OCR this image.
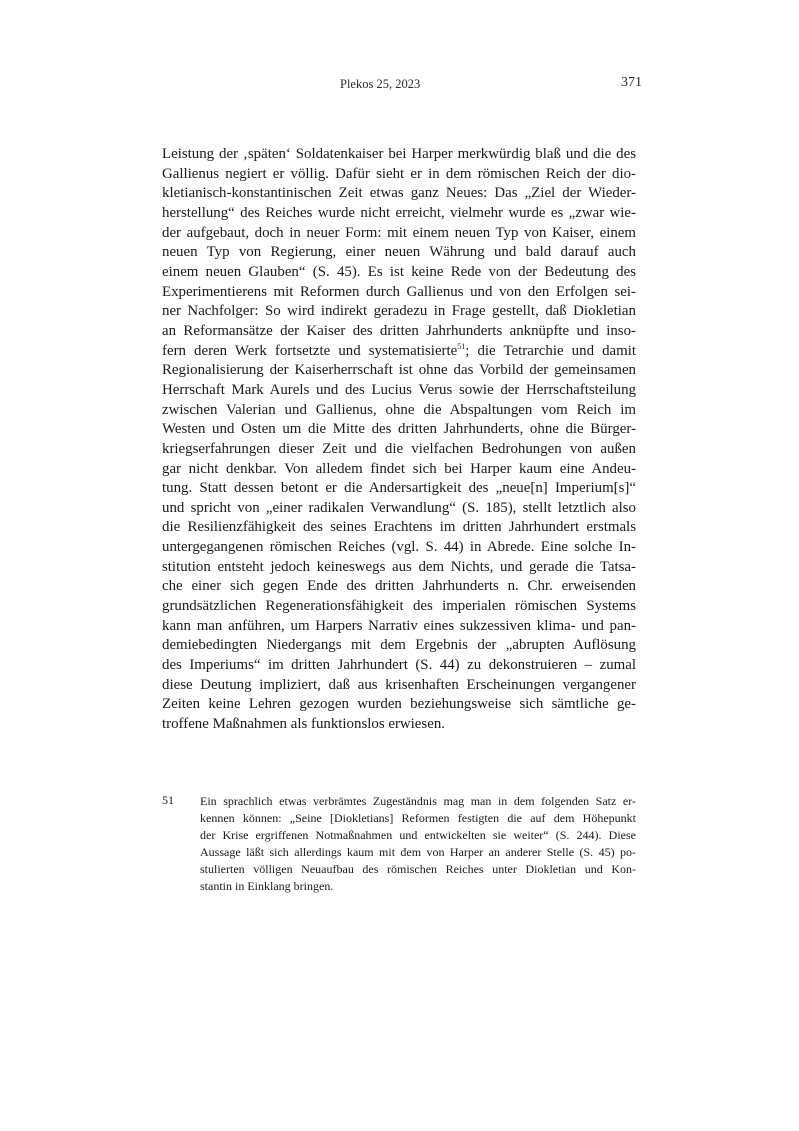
Plekos 25, 2023	371
Leistung der ‚späten‘ Soldatenkaiser bei Harper merkwürdig blaß und die des
Gallienus negiert er völlig. Dafür sieht er in dem römischen Reich der dio-
kletianisch-konstantinischen Zeit etwas ganz Neues: Das „Ziel der Wieder-
herstellung“ des Reiches wurde nicht erreicht, vielmehr wurde es „zwar wie-
der aufgebaut, doch in neuer Form: mit einem neuen Typ von Kaiser, einem
neuen Typ von Regierung, einer neuen Währung und bald darauf auch
einem neuen Glauben“ (S. 45). Es ist keine Rede von der Bedeutung des
Experimentierens mit Reformen durch Gallienus und von den Erfolgen sei-
ner Nachfolger: So wird indirekt geradezu in Frage gestellt, daß Diokletian
an Reformansätze der Kaiser des dritten Jahrhunderts anknüpfte und inso-
fern deren Werk fortsetzte und systematisierte$^{51}$; die Tetrarchie und damit
Regionalisierung der Kaiserherrschaft ist ohne das Vorbild der gemeinsamen
Herrschaft Mark Aurels und des Lucius Verus sowie der Herrschaftsteilung
zwischen Valerian und Gallienus, ohne die Abspaltungen vom Reich im
Westen und Osten um die Mitte des dritten Jahrhunderts, ohne die Bürger-
kriegserfahrungen dieser Zeit und die vielfachen Bedrohungen von außen
gar nicht denkbar. Von alledem findet sich bei Harper kaum eine Andeu-
tung. Statt dessen betont er die Andersartigkeit des „neue[n] Imperium[s]“
und spricht von „einer radikalen Verwandlung“ (S. 185), stellt letztlich also
die Resilienzfähigkeit des seines Erachtens im dritten Jahrhundert erstmals
untergegangenen römischen Reiches (vgl. S. 44) in Abrede. Eine solche In-
stitution entsteht jedoch keineswegs aus dem Nichts, und gerade die Tatsa-
che einer sich gegen Ende des dritten Jahrhunderts n. Chr. erweisenden
grundsätzlichen Regenerationsfähigkeit des imperialen römischen Systems
kann man anführen, um Harpers Narrativ eines sukzessiven klima- und pan-
demiebedingten Niedergangs mit dem Ergebnis der „abrupten Auflösung
des Imperiums“ im dritten Jahrhundert (S. 44) zu dekonstruieren – zumal
diese Deutung impliziert, daß aus krisenhaften Erscheinungen vergangener
Zeiten keine Lehren gezogen wurden beziehungsweise sich sämtliche ge-
troffene Maßnahmen als funktionslos erwiesen.
51 Ein sprachlich etwas verbrämtes Zugeständnis mag man in dem folgenden Satz er-
kennen können: „Seine [Diokletians] Reformen festigten die auf dem Höhepunkt
der Krise ergriffenen Notmaßnahmen und entwickelten sie weiter“ (S. 244). Diese
Aussage läßt sich allerdings kaum mit dem von Harper an anderer Stelle (S. 45) po-
stulierten völligen Neuaufbau des römischen Reiches unter Diokletian und Kon-
stantin in Einklang bringen.
